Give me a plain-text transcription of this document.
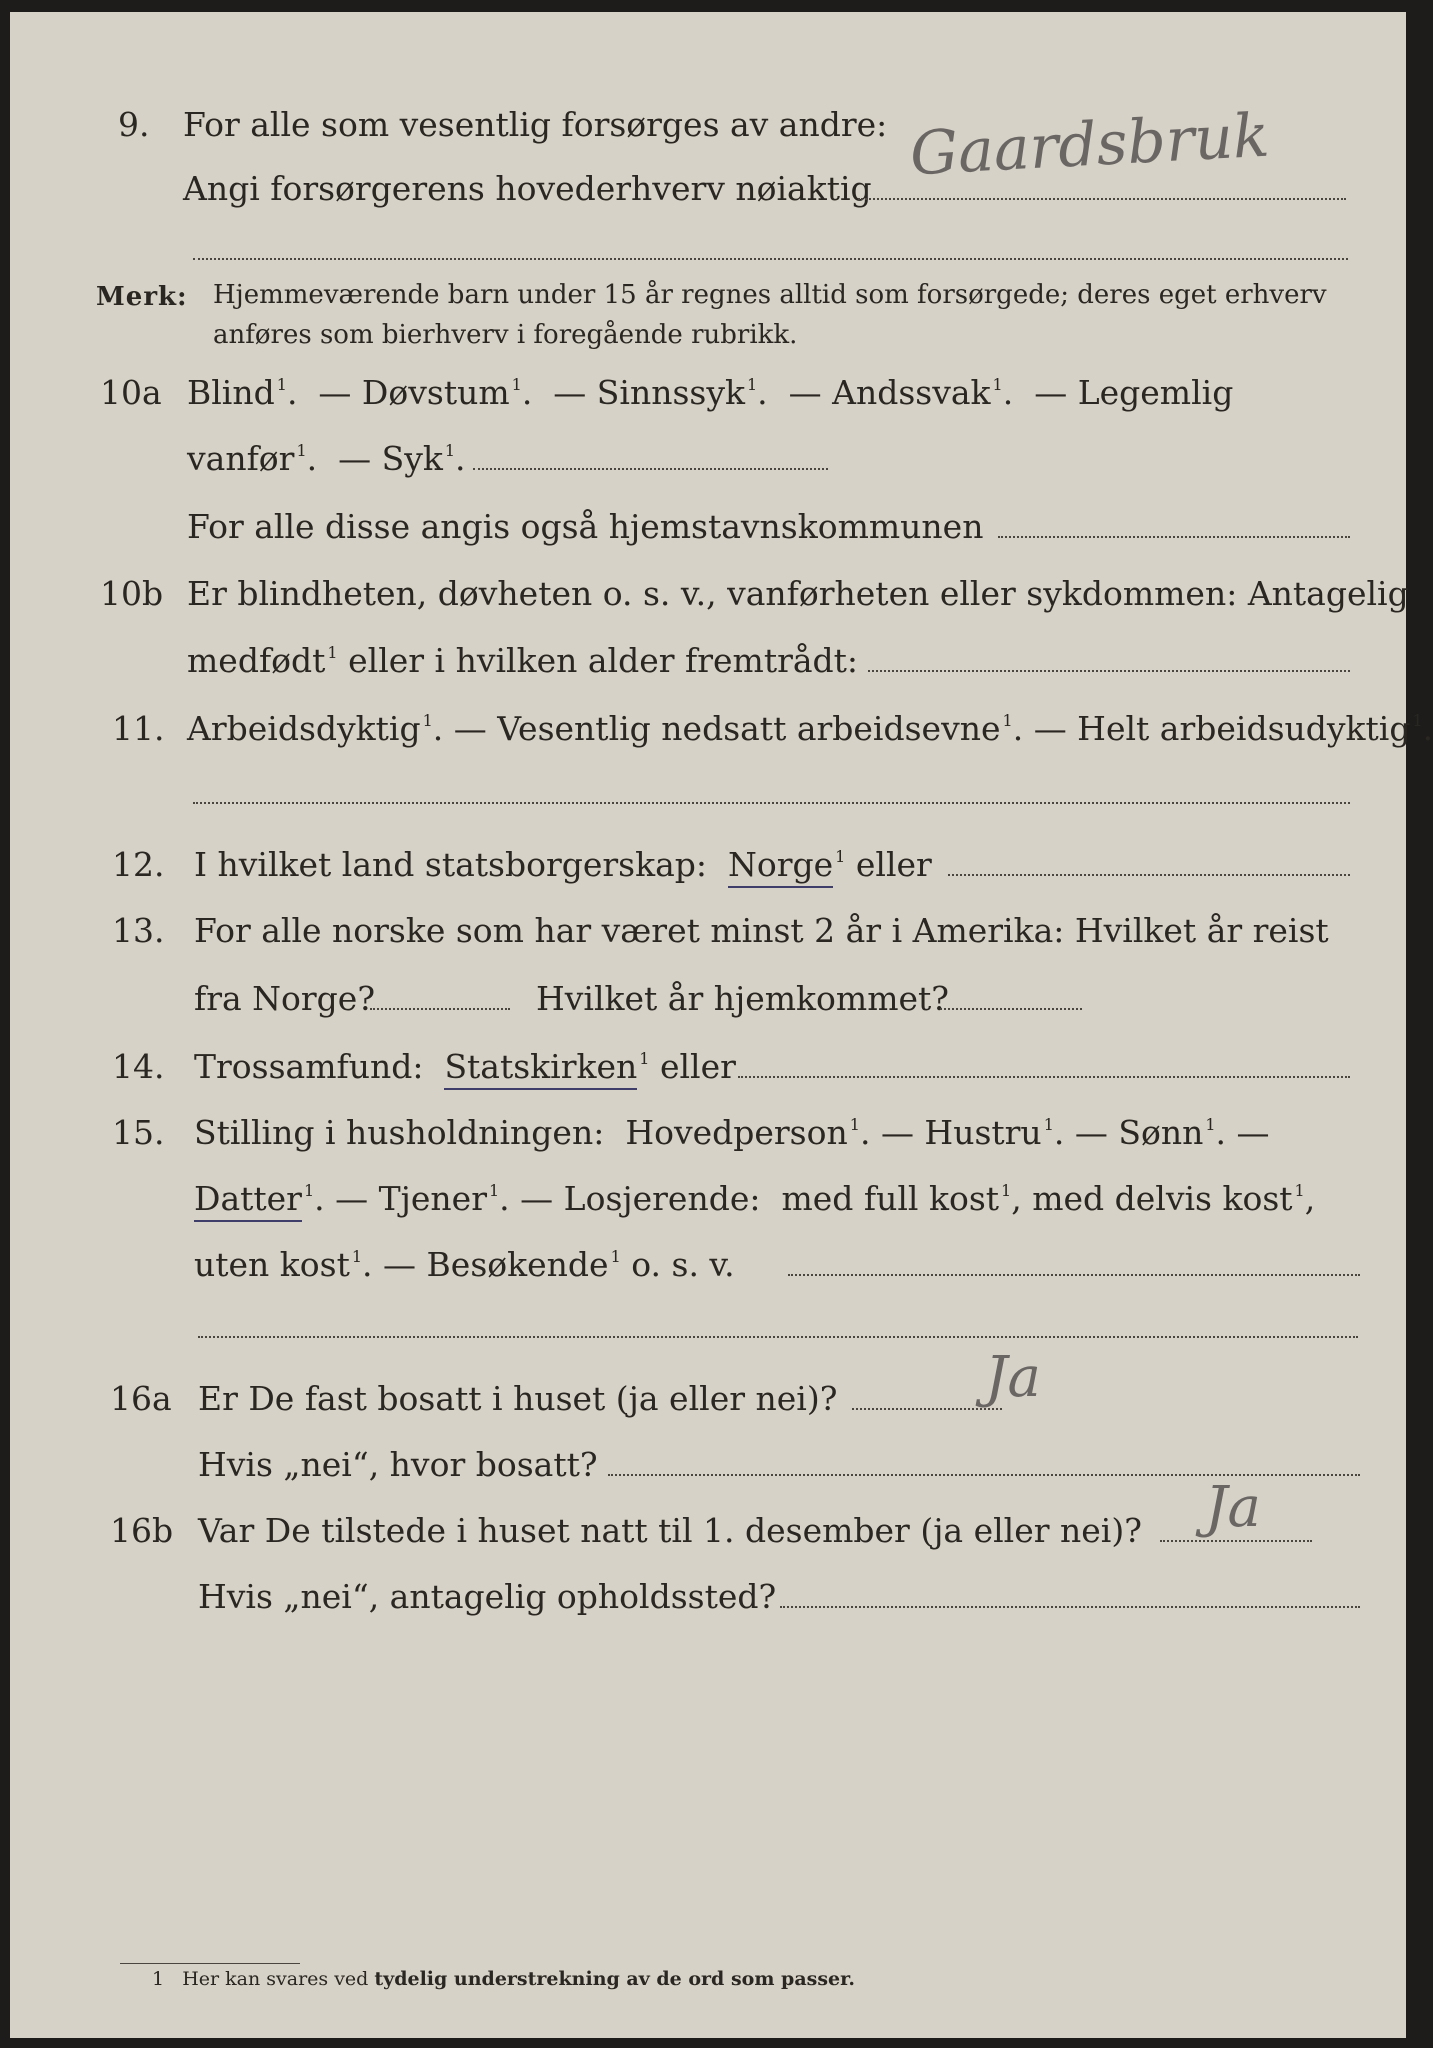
9. For alle som vesentlig forsørges av andre:
Angi forsørgerens hovederhverv nøiaktig Gaardsbruk
Merk: Hjemmeværende barn under 15 år regnes alltid som forsørgede; deres eget erhverv
anføres som bierhverv i foregående rubrikk.
10a Blind $^1$. — Døvstum $^1$. — Sinnssyk $^1$. — Andssvak $^1$. — Legemlig
vanfør $^1$. — Syk $^1$.
For alle disse angis også hjemstavnskommunen
10b Er blindheten, døvheten o. s. v., vanførheten eller sykdommen: Antagelig
medfødt $^1$ eller i hvilken alder fremtrådt:
11. Arbeidsdyktig $^1$. — Vesentlig nedsatt arbeidsevne $^1$. — Helt arbeidsudyktig $^1$.
12. I hvilket land statsborgerskap: Norge $^1$ eller
13. For alle norske som har været minst 2 år i Amerika: Hvilket år reist
fra Norge?	Hvilket år hjemkommet?
14. Trossamfund: Statskirken $^1$ eller
15. Stilling i husholdningen: Hovedperson $^1$. — Hustru $^1$. — Sønn $^1$. —
Datter $^1$. — Tjener $^1$. — Losjerende: med full kost $^1$, med delvis kost $^1$,
uten kost $^1$. — Besøkende $^1$ o. s. v.
16a Er De fast bosatt i huset (ja eller nei)?	Ja
Hvis „nei“, hvor bosatt?
16b Var De tilstede i huset natt til 1. desember (ja eller nei)? Ja
Hvis „nei“, antagelig opholdssted?
1 Her kan svares ved tydelig understrekning av de ord som passer.
